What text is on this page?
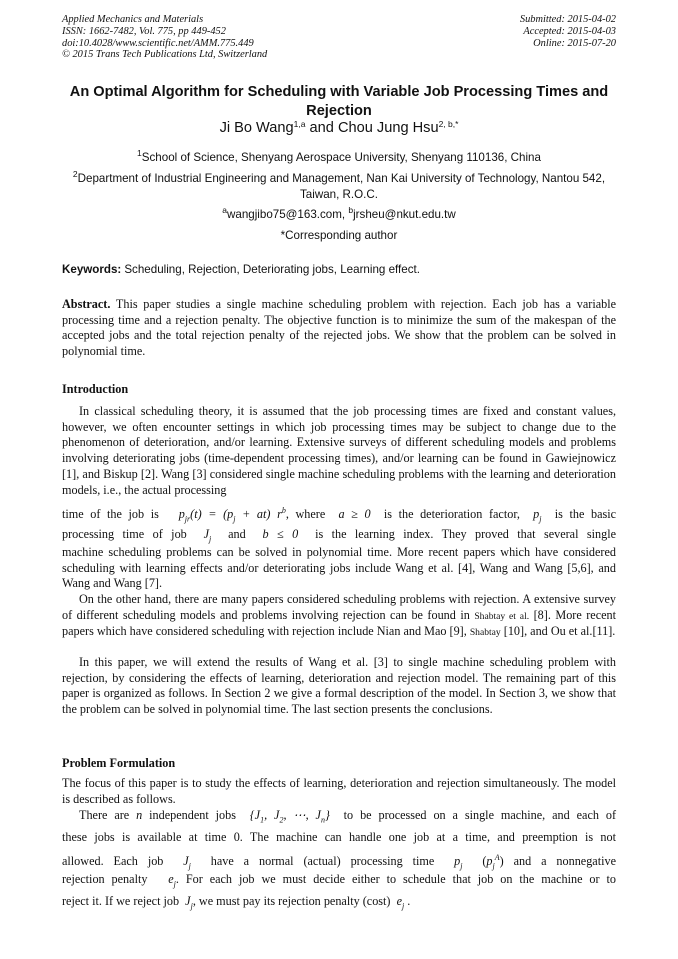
Applied Mechanics and Materials
ISSN: 1662-7482, Vol. 775, pp 449-452
doi:10.4028/www.scientific.net/AMM.775.449
© 2015 Trans Tech Publications Ltd, Switzerland
Submitted: 2015-04-02
Accepted: 2015-04-03
Online: 2015-07-20
An Optimal Algorithm for Scheduling with Variable Job Processing Times and Rejection
Ji Bo Wang$^{1,a}$ and Chou Jung Hsu$^{2, b,*}$
$^1$School of Science, Shenyang Aerospace University, Shenyang 110136, China
$^2$Department of Industrial Engineering and Management, Nan Kai University of Technology, Nantou 542, Taiwan, R.O.C.
$^a$wangjibo75@163.com, $^b$jrsheu@nkut.edu.tw
*Corresponding author
Keywords: Scheduling, Rejection, Deteriorating jobs, Learning effect.
Abstract. This paper studies a single machine scheduling problem with rejection. Each job has a variable processing time and a rejection penalty. The objective function is to minimize the sum of the makespan of the accepted jobs and the total rejection penalty of the rejected jobs. We show that the problem can be solved in polynomial time.
Introduction
In classical scheduling theory, it is assumed that the job processing times are fixed and constant values, however, we often encounter settings in which job processing times may be subject to change due to the phenomenon of deterioration, and/or learning. Extensive surveys of different scheduling models and problems involving deteriorating jobs (time-dependent processing times), and/or learning can be found in Gawiejnowicz [1], and Biskup [2]. Wang [3] considered single machine scheduling problems with the learning and deterioration models, i.e., the actual processing
time of the job is $p_{jr}(t) = (p_j + at)$ $r^b$, where a ≥ 0 is the deterioration factor, $p_j$ is the basic
processing time of job $J_j$ and b ≤ 0 is the learning index. They proved that several single
machine scheduling problems can be solved in polynomial time. More recent papers which have considered scheduling with learning effects and/or deteriorating jobs include Wang et al. [4], Wang and Wang [5,6], and Wang and Wang [7].
On the other hand, there are many papers considered scheduling problems with rejection. A extensive survey of different scheduling models and problems involving rejection can be found in Shabtay et al. [8]. More recent papers which have considered scheduling with rejection include Nian and Mao [9], Shabtay [10], and Ou et al.[11].
In this paper, we will extend the results of Wang et al. [3] to single machine scheduling problem with rejection, by considering the effects of learning, deterioration and rejection model. The remaining part of this paper is organized as follows. In Section 2 we give a formal description of the model. In Section 3, we show that the problem can be solved in polynomial time. The last section presents the conclusions.
Problem Formulation
The focus of this paper is to study the effects of learning, deterioration and rejection simultaneously. The model is described as follows.
There are n independent jobs {$J_1$, $J_2$, ⋯, $J_n$} to be processed on a single machine, and each of
these jobs is available at time 0. The machine can handle one job at a time, and preemption is not
allowed. Each job $J_j$ have a normal (actual) processing time $p_j$  $(p_j^A)$ and a nonnegative
rejection penalty $e_j$. For each job we must decide either to schedule that job on the machine or to
reject it. If we reject job $J_j$, we must pay its rejection penalty (cost) $e_j$ .
